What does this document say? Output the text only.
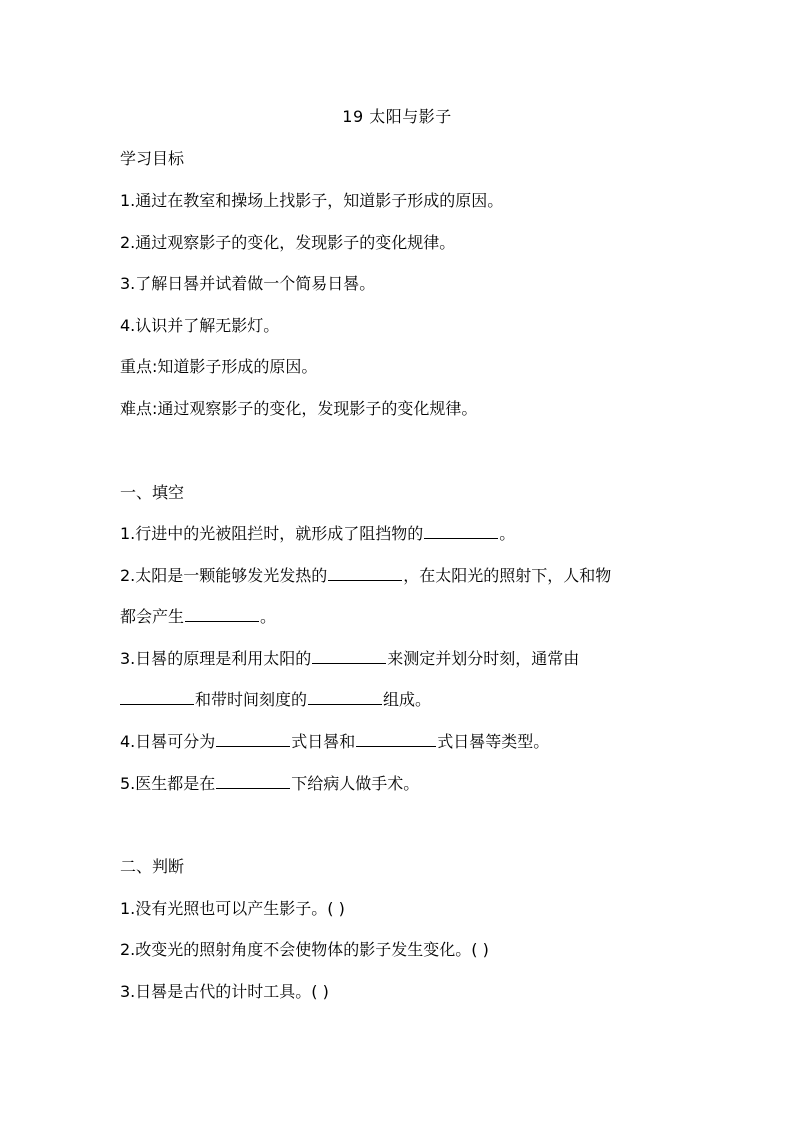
19 太阳与影子
学习目标
1.通过在教室和操场上找影子，知道影子形成的原因。
2.通过观察影子的变化，发现影子的变化规律。
3.了解日晷并试着做一个简易日晷。
4.认识并了解无影灯。
重点:知道影子形成的原因。
难点:通过观察影子的变化，发现影子的变化规律。
一、填空
1.行进中的光被阻拦时，就形成了阻挡物的	。
2.太阳是一颗能够发光发热的	，在太阳光的照射下，人和物
都会产生	。
3.日晷的原理是利用太阳的	来测定并划分时刻，通常由
和带时间刻度的	组成。
4.日晷可分为	式日晷和	式日晷等类型。
5.医生都是在	下给病人做手术。
二、判断
1.没有光照也可以产生影子。( )
2.改变光的照射角度不会使物体的影子发生变化。( )
3.日晷是古代的计时工具。( )
